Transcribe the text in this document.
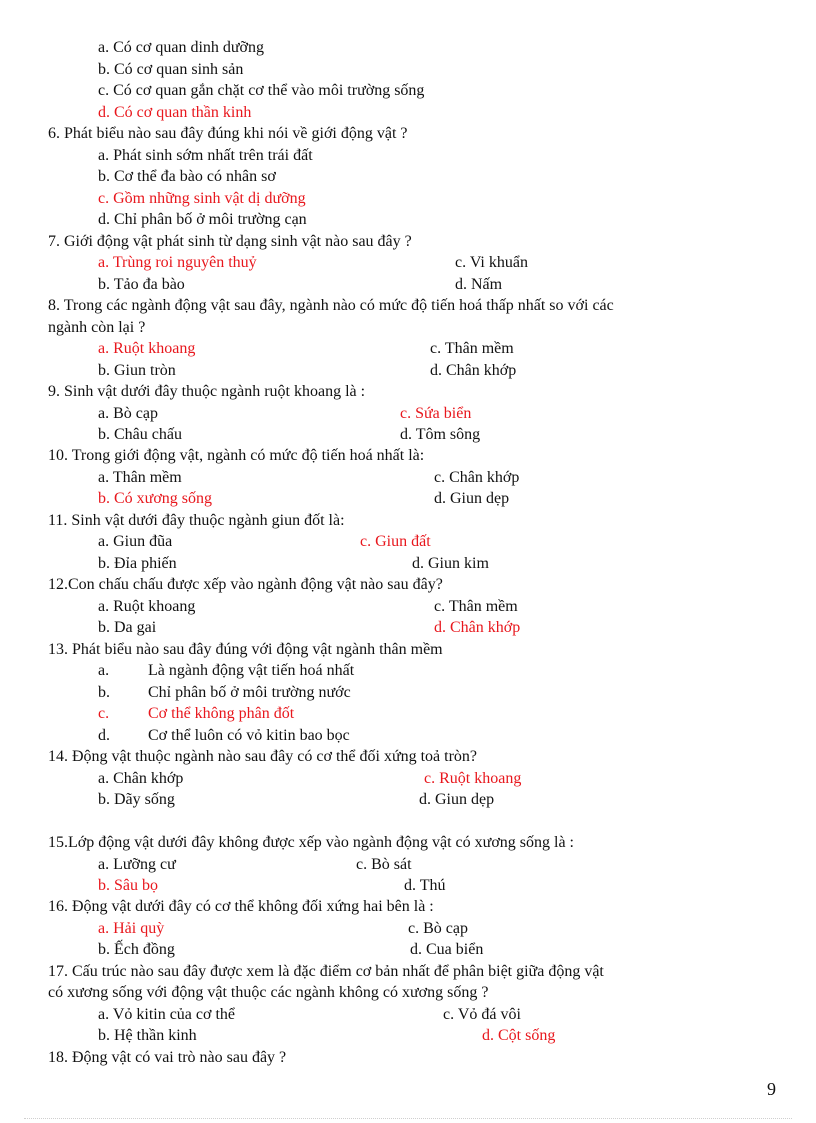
a. Có cơ quan dinh dưỡng
b. Có cơ quan sinh sản
c. Có cơ quan gắn chặt cơ thể vào môi trường sống
d. Có cơ quan thần kinh
6. Phát biểu nào sau đây đúng khi nói về giới động vật ?
a. Phát sinh sớm nhất trên trái đất
b. Cơ thể đa bào có nhân sơ
c. Gồm những sinh vật dị dưỡng
d. Chỉ phân bố ở môi trường cạn
7. Giới động vật phát sinh từ dạng sinh vật nào sau đây ?
a. Trùng roi nguyên thuỷ	c. Vi khuẩn
b. Tảo đa bào	d. Nấm
8. Trong các ngành động vật sau đây, ngành nào có mức độ tiến hoá thấp nhất so với các
ngành còn lại ?
a. Ruột khoang	c. Thân mềm
b. Giun tròn	d. Chân khớp
9. Sinh vật dưới đây thuộc ngành ruột khoang là :
a. Bò cạp	c. Sứa biển
b. Châu chấu	d. Tôm sông
10. Trong giới động vật, ngành có mức độ tiến hoá nhất là:
a. Thân mềm	c. Chân khớp
b. Có xương sống	d. Giun dẹp
11. Sinh vật dưới đây thuộc ngành giun đốt là:
a. Giun đũa	c. Giun đất
b. Đỉa phiến	d. Giun kim
12.Con chấu chấu được xếp vào ngành động vật nào sau đây?
a. Ruột khoang	c. Thân mềm
b. Da gai	d. Chân khớp
13. Phát biểu nào sau đây đúng với động vật ngành thân mềm
a. Là ngành động vật tiến hoá nhất
b. Chỉ phân bố ở môi trường nước
c. Cơ thể không phân đốt
d. Cơ thể luôn có vỏ kitin bao bọc
14. Động vật thuộc ngành nào sau đây có cơ thể đối xứng toả tròn?
a. Chân khớp	c. Ruột khoang
b. Dãy sống	d. Giun dẹp
15.Lớp động vật dưới đây không được xếp vào ngành động vật có xương sống là :
a. Lưỡng cư	c. Bò sát
b. Sâu bọ	d. Thú
16. Động vật dưới đây có cơ thể không đối xứng hai bên là :
a. Hải quỳ	c. Bò cạp
b. Ếch đồng	d. Cua biển
17. Cấu trúc nào sau đây được xem là đặc điểm cơ bản nhất để phân biệt giữa động vật
có xương sống với động vật thuộc các ngành không có xương sống ?
a. Vỏ kitin của cơ thể	c. Vỏ đá vôi
b. Hệ thần kinh	d. Cột sống
18. Động vật có vai trò nào sau đây ?
9
